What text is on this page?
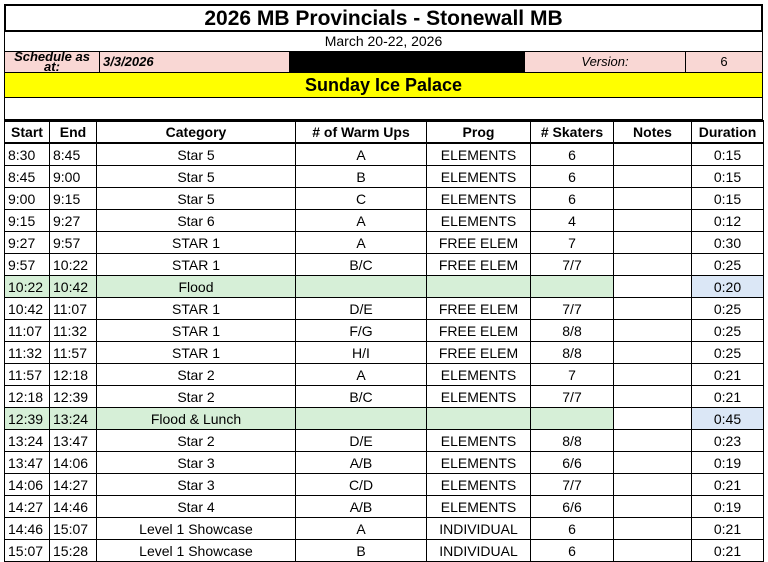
2026 MB Provincials - Stonewall MB
March 20-22, 2026
Schedule as at:	3/3/2026	Version:	6
Sunday Ice Palace
Start	End	Category	# of Warm Ups	Prog	# Skaters	Notes	Duration
8:30	8:45	Star 5	A	ELEMENTS	6		0:15
8:45	9:00	Star 5	B	ELEMENTS	6		0:15
9:00	9:15	Star 5	C	ELEMENTS	6		0:15
9:15	9:27	Star 6	A	ELEMENTS	4		0:12
9:27	9:57	STAR 1	A	FREE ELEM	7		0:30
9:57	10:22	STAR 1	B/C	FREE ELEM	7/7		0:25
10:22	10:42	Flood					0:20
10:42	11:07	STAR 1	D/E	FREE ELEM	7/7		0:25
11:07	11:32	STAR 1	F/G	FREE ELEM	8/8		0:25
11:32	11:57	STAR 1	H/I	FREE ELEM	8/8		0:25
11:57	12:18	Star 2	A	ELEMENTS	7		0:21
12:18	12:39	Star 2	B/C	ELEMENTS	7/7		0:21
12:39	13:24	Flood & Lunch					0:45
13:24	13:47	Star 2	D/E	ELEMENTS	8/8		0:23
13:47	14:06	Star 3	A/B	ELEMENTS	6/6		0:19
14:06	14:27	Star 3	C/D	ELEMENTS	7/7		0:21
14:27	14:46	Star 4	A/B	ELEMENTS	6/6		0:19
14:46	15:07	Level 1 Showcase	A	INDIVIDUAL	6		0:21
15:07	15:28	Level 1 Showcase	B	INDIVIDUAL	6		0:21
